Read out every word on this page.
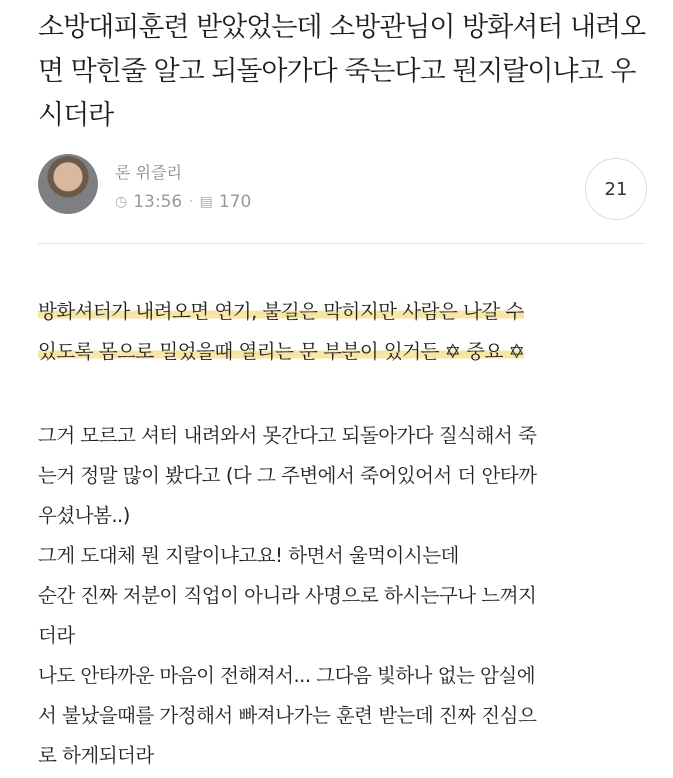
소방대피훈련 받았었는데 소방관님이 방화셔터 내려오면 막힌줄 알고 되돌아가다 죽는다고 뭔지랄이냐고 우시더라
론 위즐리
◷ 13:56 · ▤ 170
21

방화셔터가 내려오면 연기, 불길은 막히지만 사람은 나갈 수

있도록 몸으로 밀었을때 열리는 문 부분이 있거든 ✡ 중요 ✡

그거 모르고 셔터 내려와서 못간다고 되돌아가다 질식해서 죽

는거 정말 많이 봤다고 (다 그 주변에서 죽어있어서 더 안타까

우셨나봄..)

그게 도대체 뭔 지랄이냐고요! 하면서 울먹이시는데

순간 진짜 저분이 직업이 아니라 사명으로 하시는구나 느껴지

더라

나도 안타까운 마음이 전해져서... 그다음 빛하나 없는 암실에

서 불났을때를 가정해서 빠져나가는 훈련 받는데 진짜 진심으

로 하게되더라
